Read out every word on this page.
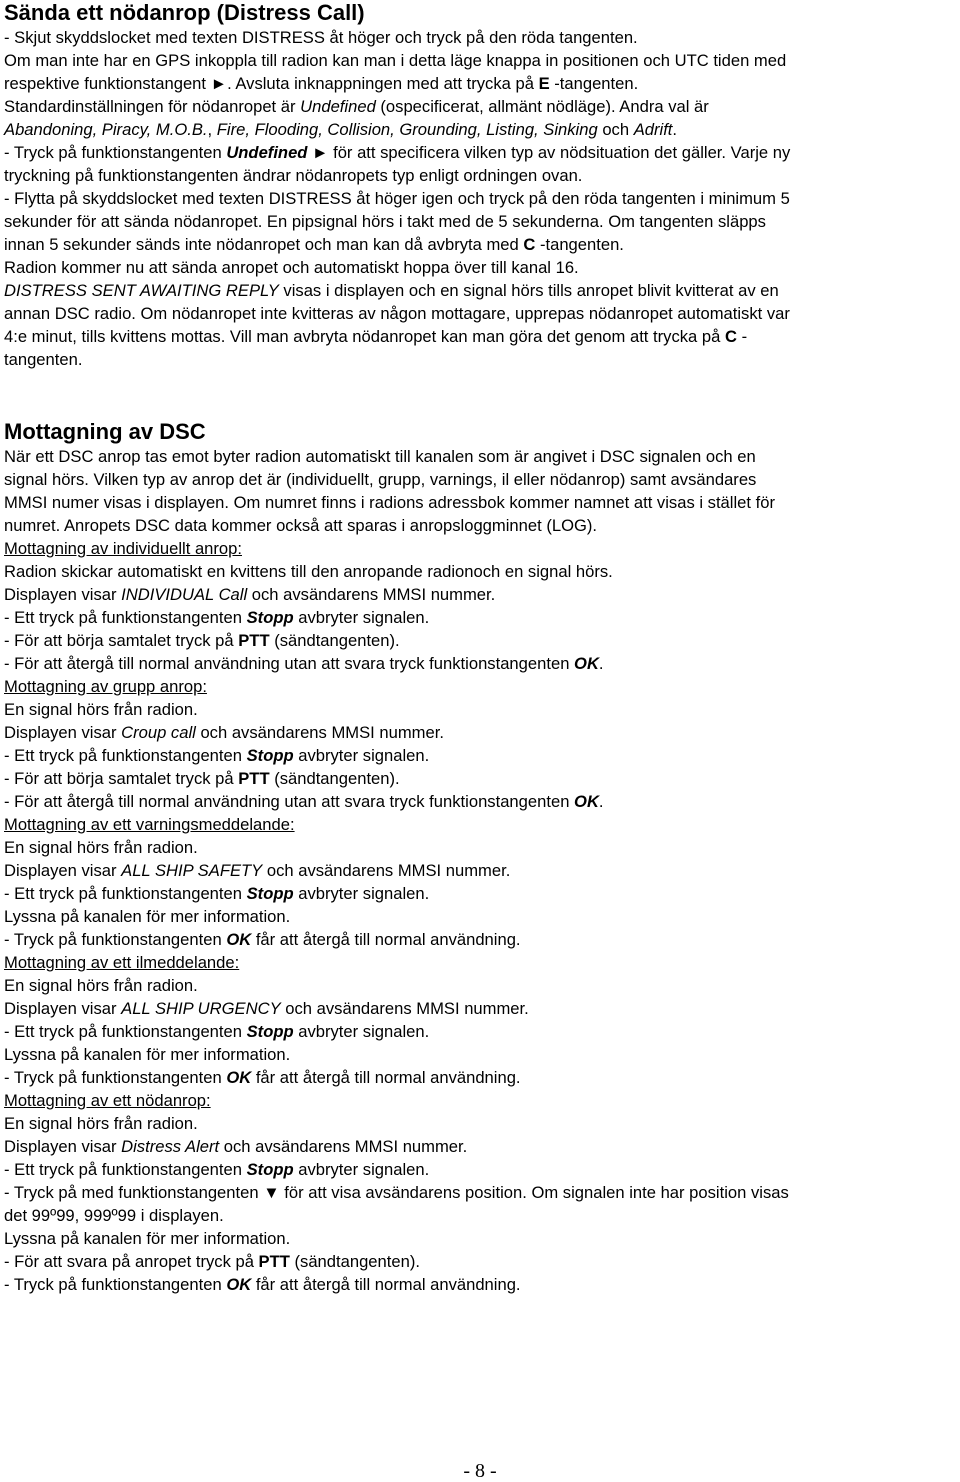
Sända ett nödanrop (Distress Call)
- Skjut skyddslocket med texten DISTRESS åt höger och tryck på den röda tangenten.
Om man inte har en GPS inkoppla till radion kan man i detta läge knappa in positionen och UTC tiden med
respektive funktionstangent ►. Avsluta inknappningen med att trycka på E -tangenten.
Standardinställningen för nödanropet är Undefined (ospecificerat, allmänt nödläge). Andra val är
Abandoning, Piracy, M.O.B., Fire, Flooding, Collision, Grounding, Listing, Sinking och Adrift.
- Tryck på funktionstangenten Undefined ► för att specificera vilken typ av nödsituation det gäller. Varje ny
tryckning på funktionstangenten ändrar nödanropets typ enligt ordningen ovan.
- Flytta på skyddslocket med texten DISTRESS åt höger igen och tryck på den röda tangenten i minimum 5
sekunder för att sända nödanropet. En pipsignal hörs i takt med de 5 sekunderna. Om tangenten släpps
innan 5 sekunder sänds inte nödanropet och man kan då avbryta med C -tangenten.
Radion kommer nu att sända anropet och automatiskt hoppa över till kanal 16.
DISTRESS SENT AWAITING REPLY visas i displayen och en signal hörs tills anropet blivit kvitterat av en
annan DSC radio. Om nödanropet inte kvitteras av någon mottagare, upprepas nödanropet automatiskt var
4:e minut, tills kvittens mottas. Vill man avbryta nödanropet kan man göra det genom att trycka på C -
tangenten.
Mottagning av DSC
När ett DSC anrop tas emot byter radion automatiskt till kanalen som är angivet i DSC signalen och en
signal hörs. Vilken typ av anrop det är (individuellt, grupp, varnings, il eller nödanrop) samt avsändares
MMSI numer visas i displayen. Om numret finns i radions adressbok kommer namnet att visas i stället för
numret. Anropets DSC data kommer också att sparas i anropsloggminnet (LOG).
Mottagning av individuellt anrop:
Radion skickar automatiskt en kvittens till den anropande radionoch en signal hörs.
Displayen visar INDIVIDUAL Call och avsändarens MMSI nummer.
- Ett tryck på funktionstangenten Stopp avbryter signalen.
- För att börja samtalet tryck på PTT (sändtangenten).
- För att återgå till normal användning utan att svara tryck funktionstangenten OK.
Mottagning av grupp anrop:
En signal hörs från radion.
Displayen visar Croup call och avsändarens MMSI nummer.
- Ett tryck på funktionstangenten Stopp avbryter signalen.
- För att börja samtalet tryck på PTT (sändtangenten).
- För att återgå till normal användning utan att svara tryck funktionstangenten OK.
Mottagning av ett varningsmeddelande:
En signal hörs från radion.
Displayen visar ALL SHIP SAFETY och avsändarens MMSI nummer.
- Ett tryck på funktionstangenten Stopp avbryter signalen.
Lyssna på kanalen för mer information.
- Tryck på funktionstangenten OK får att återgå till normal användning.
Mottagning av ett ilmeddelande:
En signal hörs från radion.
Displayen visar ALL SHIP URGENCY och avsändarens MMSI nummer.
- Ett tryck på funktionstangenten Stopp avbryter signalen.
Lyssna på kanalen för mer information.
- Tryck på funktionstangenten OK får att återgå till normal användning.
Mottagning av ett nödanrop:
En signal hörs från radion.
Displayen visar Distress Alert och avsändarens MMSI nummer.
- Ett tryck på funktionstangenten Stopp avbryter signalen.
- Tryck på med funktionstangenten ▼ för att visa avsändarens position. Om signalen inte har position visas
det 99º99, 999º99 i displayen.
Lyssna på kanalen för mer information.
- För att svara på anropet tryck på PTT (sändtangenten).
- Tryck på funktionstangenten OK får att återgå till normal användning.
- 8 -
